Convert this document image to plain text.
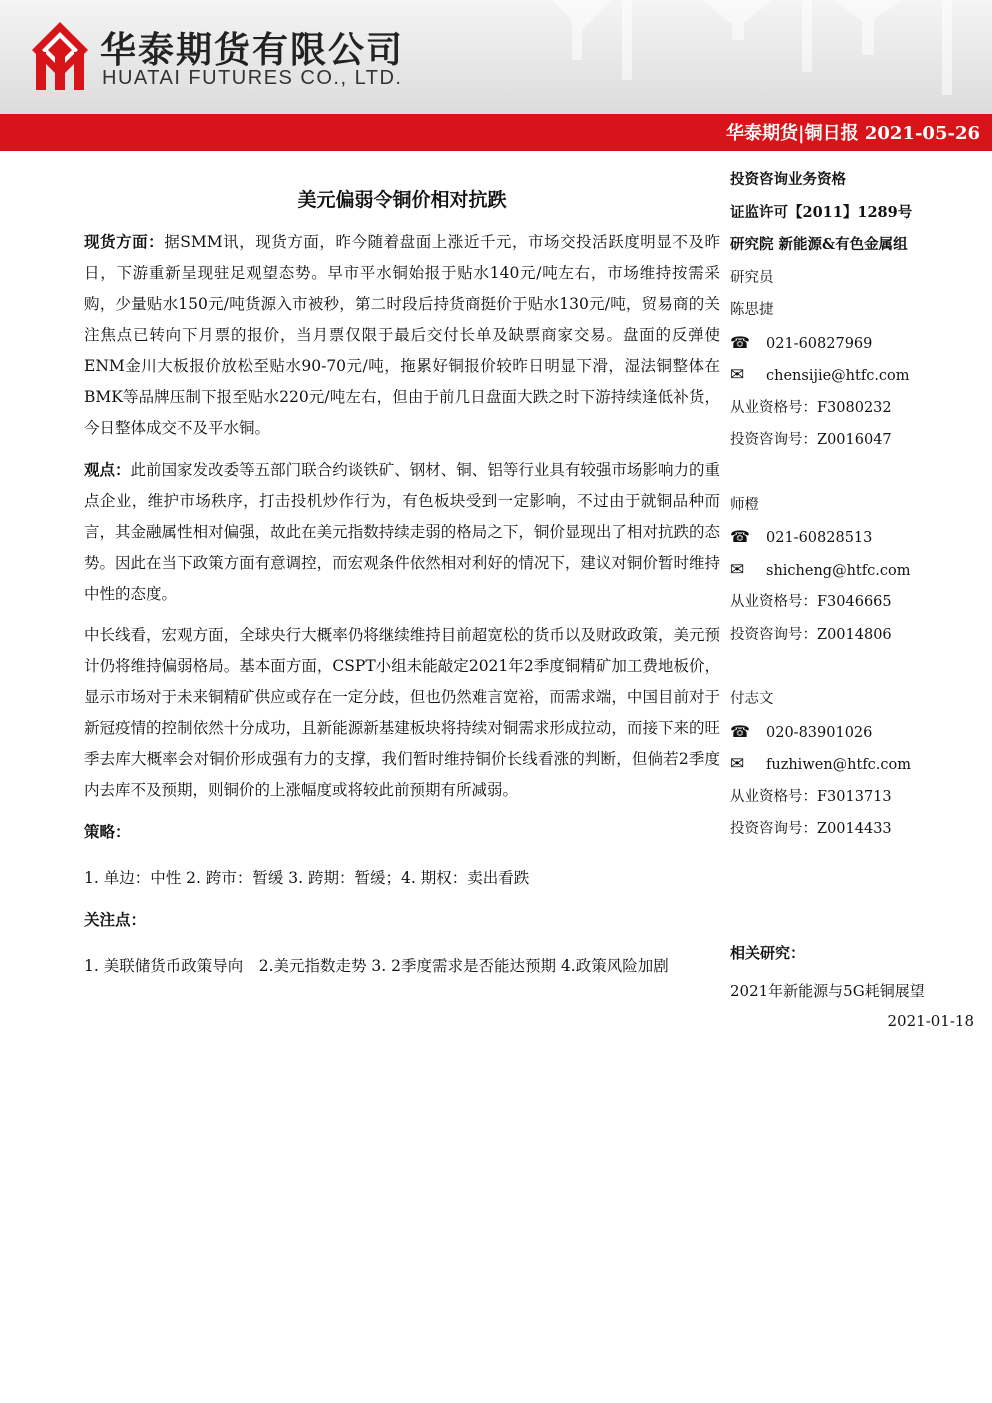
华泰期货有限公司
HUATAI FUTURES CO., LTD.
华泰期货|铜日报 2021-05-26
美元偏弱令铜价相对抗跌

现货方面：据SMM讯，现货方面，昨今随着盘面上涨近千元，市场交投活跃度明显不及昨日，下游重新呈现驻足观望态势。早市平水铜始报于贴水140元/吨左右，市场维持按需采购，少量贴水150元/吨货源入市被秒，第二时段后持货商挺价于贴水130元/吨，贸易商的关注焦点已转向下月票的报价，当月票仅限于最后交付长单及缺票商家交易。盘面的反弹使ENM金川大板报价放松至贴水90-70元/吨，拖累好铜报价较昨日明显下滑，湿法铜整体在BMK等品牌压制下报至贴水220元/吨左右，但由于前几日盘面大跌之时下游持续逢低补货，今日整体成交不及平水铜。

观点：此前国家发改委等五部门联合约谈铁矿、钢材、铜、铝等行业具有较强市场影响力的重点企业，维护市场秩序，打击投机炒作行为，有色板块受到一定影响，不过由于就铜品种而言，其金融属性相对偏强，故此在美元指数持续走弱的格局之下，铜价显现出了相对抗跌的态势。因此在当下政策方面有意调控，而宏观条件依然相对利好的情况下，建议对铜价暂时维持中性的态度。

中长线看，宏观方面，全球央行大概率仍将继续维持目前超宽松的货币以及财政政策，美元预计仍将维持偏弱格局。基本面方面，CSPT小组未能敲定2021年2季度铜精矿加工费地板价，显示市场对于未来铜精矿供应或存在一定分歧，但也仍然难言宽裕，而需求端，中国目前对于新冠疫情的控制依然十分成功，且新能源新基建板块将持续对铜需求形成拉动，而接下来的旺季去库大概率会对铜价形成强有力的支撑，我们暂时维持铜价长线看涨的判断，但倘若2季度内去库不及预期，则铜价的上涨幅度或将较此前预期有所减弱。

策略：

1. 单边：中性 2. 跨市：暂缓 3. 跨期：暂缓；4. 期权：卖出看跌

关注点：

1. 美联储货币政策导向　2.美元指数走势 3. 2季度需求是否能达预期 4.政策风险加剧

投资咨询业务资格
证监许可【2011】1289号
研究院 新能源&有色金属组
研究员
陈思捷
☎ 021-60827969
✉ chensijie@htfc.com
从业资格号：F3080232
投资咨询号：Z0016047
师橙
☎ 021-60828513
✉ shicheng@htfc.com
从业资格号：F3046665
投资咨询号：Z0014806
付志文
☎ 020-83901026
✉ fuzhiwen@htfc.com
从业资格号：F3013713
投资咨询号：Z0014433
相关研究：
2021年新能源与5G耗铜展望
2021-01-18
